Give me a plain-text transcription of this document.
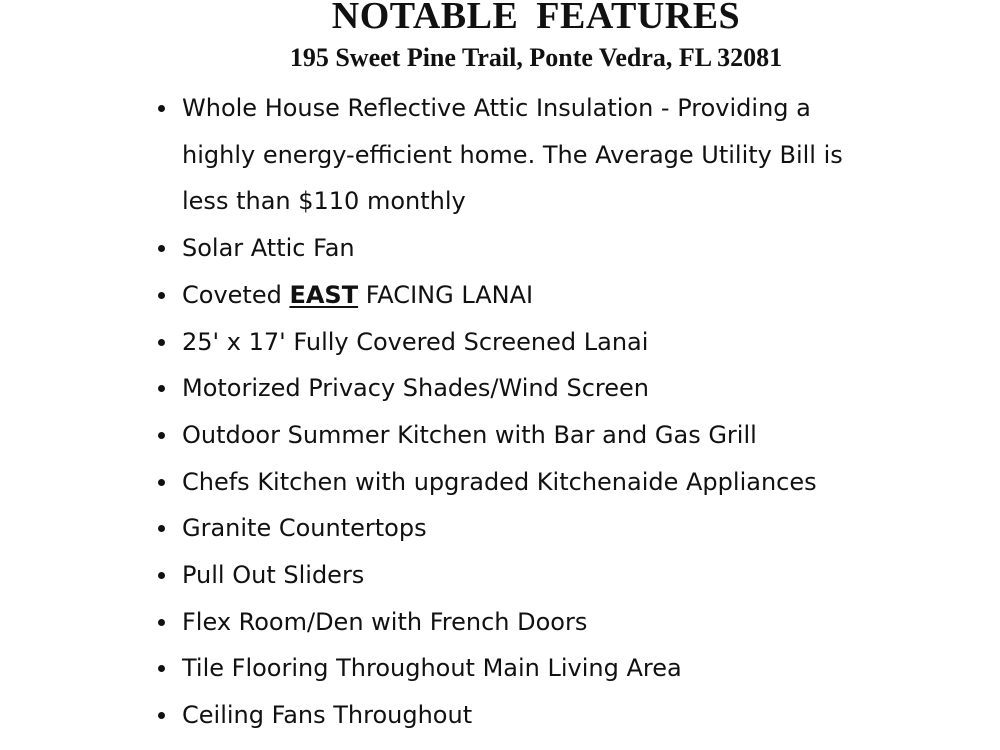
NOTABLE FEATURES
195 Sweet Pine Trail, Ponte Vedra, FL 32081
Whole House Reflective Attic Insulation - Providing a highly energy-efficient home. The Average Utility Bill is less than $110 monthly
Solar Attic Fan
Coveted EAST FACING LANAI
25' x 17' Fully Covered Screened Lanai
Motorized Privacy Shades/Wind Screen
Outdoor Summer Kitchen with Bar and Gas Grill
Chefs Kitchen with upgraded Kitchenaide Appliances
Granite Countertops
Pull Out Sliders
Flex Room/Den with French Doors
Tile Flooring Throughout Main Living Area
Ceiling Fans Throughout
